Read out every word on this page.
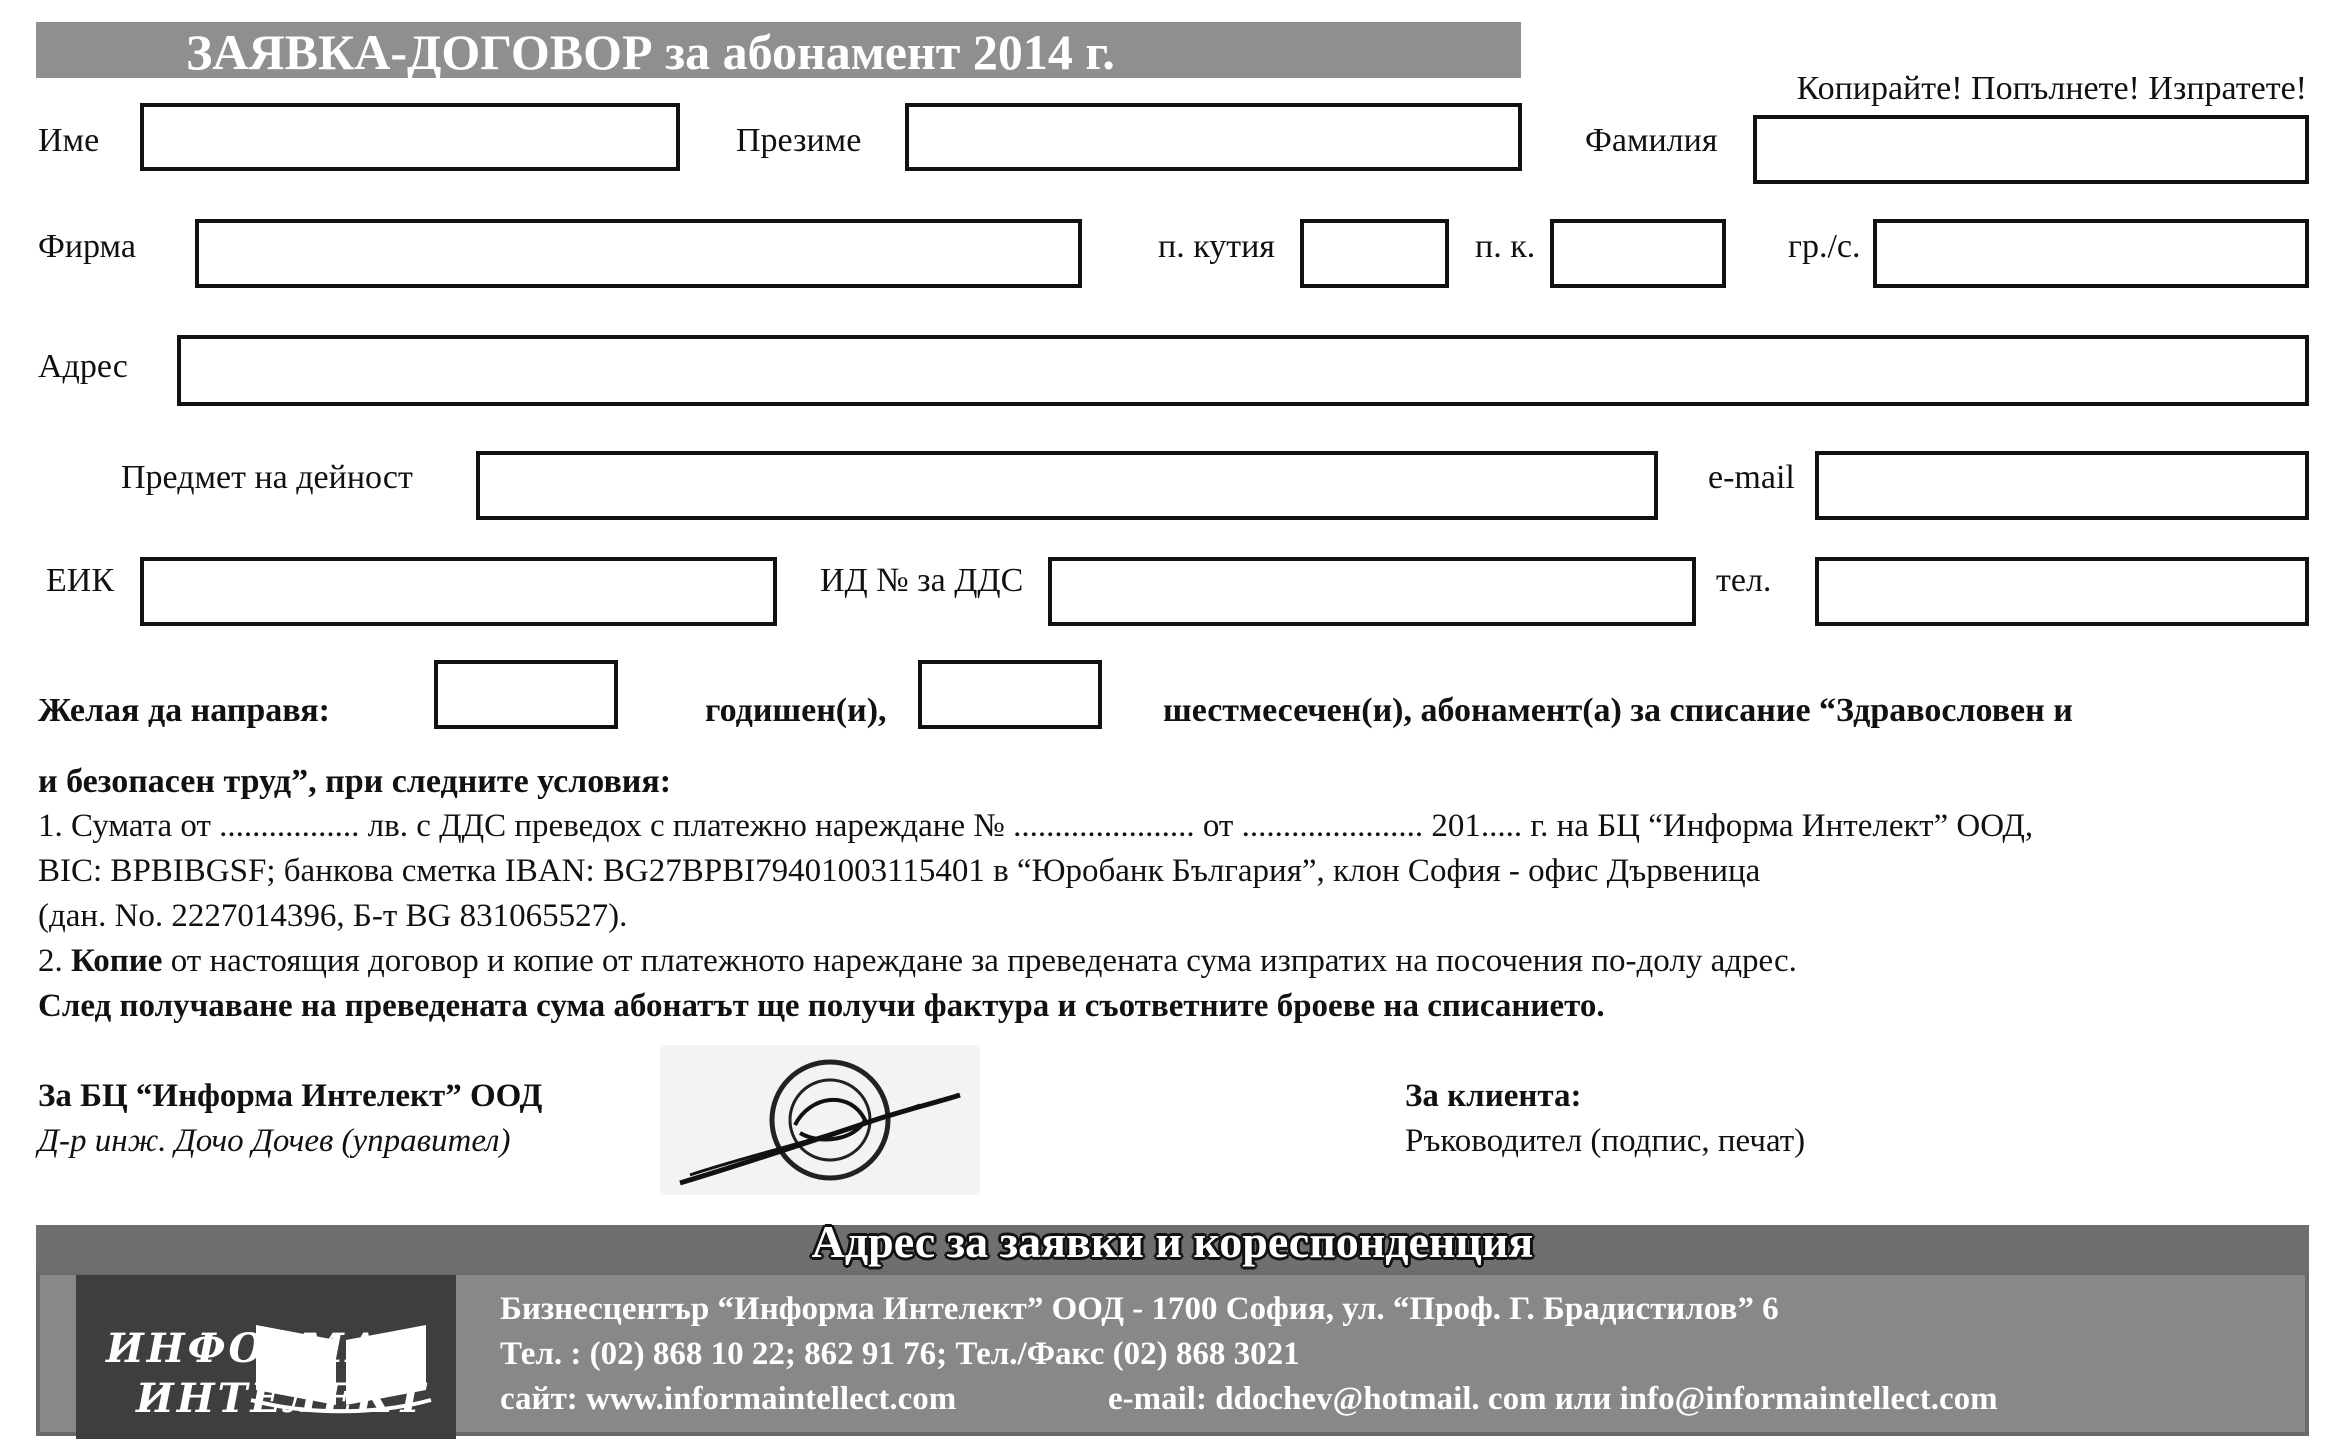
ЗАЯВКА-ДОГОВОР за абонамент 2014 г.
Копирайте! Попълнете! Изпратете!
Име	Презиме	Фамилия
Фирма	п. кутия	п. к.	гр./с.
Адрес
Предмет на дейност	e-mail
ЕИК	ИД № за ДДС	тел.
Желая да направя:	годишен(и),	шестмесечен(и), абонамент(а) за списание “Здравословен и
и безопасен труд”, при следните условия:
1. Сумата от ................. лв. с ДДС преведох с платежно нареждане № ...................... от ...................... 201..... г. на БЦ “Информа Интелект” ООД,
BIC: BPBIBGSF; банкова сметка IBAN: BG27BPBI79401003115401 в “Юробанк България”, клон София - офис Дървеница
(дан. No. 2227014396, Б-т BG 831065527).
2. Копие от настоящия договор и копие от платежното нареждане за преведената сума изпратих на посочения по-долу адрес.
След получаване на преведената сума абонатът ще получи фактура и съответните броеве на списанието.
За БЦ “Информа Интелект” ООД
Д-р инж. Дочо Дочев (управител)
За клиента:
Ръководител (подпис, печат)
Адрес за заявки и кореспонденция
ИНФОРМА
ИНТЕЛЕКТ
Бизнесцентър “Информа Интелект” ООД - 1700 София, ул. “Проф. Г. Брадистилов” 6
Тел. : (02) 868 10 22; 862 91 76; Тел./Факс (02) 868 3021
сайт: www.informaintellect.com	e-mail: ddochev@hotmail. com или info@informaintellect.com
